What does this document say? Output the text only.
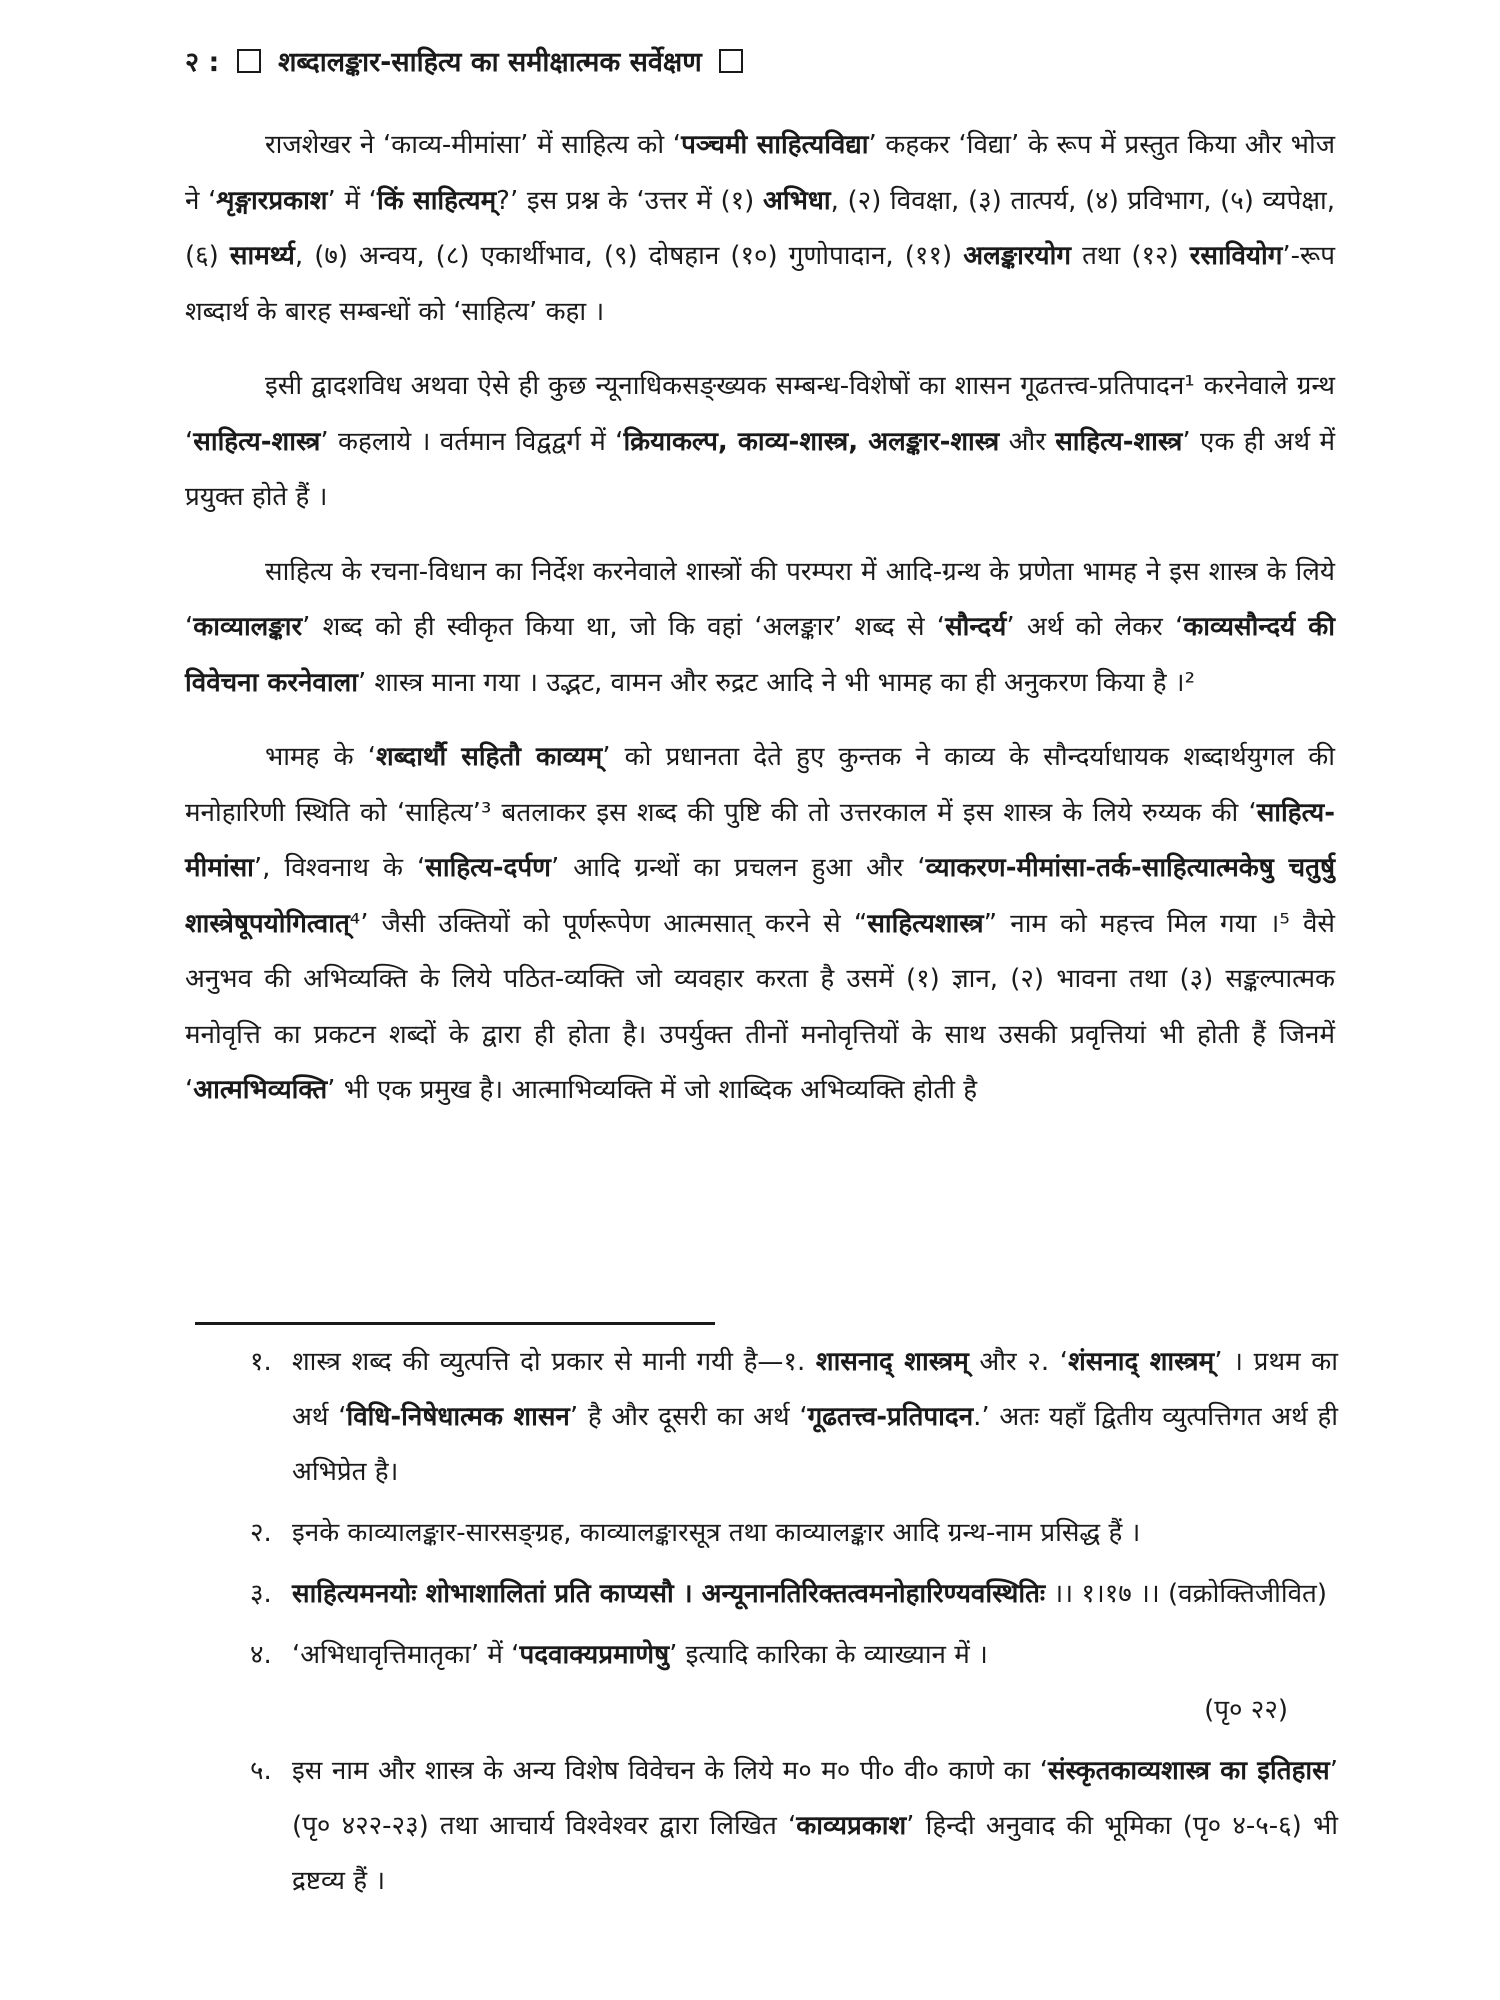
२ : शब्दालङ्कार-साहित्य का समीक्षात्मक सर्वेक्षण

राजशेखर ने ‘काव्य-मीमांसा’ में साहित्य को ‘पञ्चमी साहित्यविद्या’ कहकर ‘विद्या’ के रूप में प्रस्तुत किया और भोज ने ‘शृङ्गारप्रकाश’ में ‘किं साहित्यम्?’ इस प्रश्न के ‘उत्तर में (१) अभिधा, (२) विवक्षा, (३) तात्पर्य, (४) प्रविभाग, (५) व्यपेक्षा, (६) सामर्थ्य, (७) अन्वय, (८) एकार्थीभाव, (९) दोषहान (१०) गुणोपादान, (११) अलङ्कारयोग तथा (१२) रसावियोग’-रूप शब्दार्थ के बारह सम्बन्धों को ‘साहित्य’ कहा ।

इसी द्वादशविध अथवा ऐसे ही कुछ न्यूनाधिकसङ्ख्यक सम्बन्ध-विशेषों का शासन गूढतत्त्व-प्रतिपादन¹ करनेवाले ग्रन्थ ‘साहित्य-शास्त्र’ कहलाये । वर्तमान विद्वद्वर्ग में ‘क्रियाकल्प, काव्य-शास्त्र, अलङ्कार-शास्त्र और साहित्य-शास्त्र’ एक ही अर्थ में प्रयुक्त होते हैं ।

साहित्य के रचना-विधान का निर्देश करनेवाले शास्त्रों की परम्परा में आदि-ग्रन्थ के प्रणेता भामह ने इस शास्त्र के लिये ‘काव्यालङ्कार’ शब्द को ही स्वीकृत किया था, जो कि वहां ‘अलङ्कार’ शब्द से ‘सौन्दर्य’ अर्थ को लेकर ‘काव्यसौन्दर्य की विवेचना करनेवाला’ शास्त्र माना गया । उद्भट, वामन और रुद्रट आदि ने भी भामह का ही अनुकरण किया है ।²

भामह के ‘शब्दार्थौ सहितौ काव्यम्’ को प्रधानता देते हुए कुन्तक ने काव्य के सौन्दर्याधायक शब्दार्थयुगल की मनोहारिणी स्थिति को ‘साहित्य’³ बतलाकर इस शब्द की पुष्टि की तो उत्तरकाल में इस शास्त्र के लिये रुय्यक की ‘साहित्य-मीमांसा’, विश्वनाथ के ‘साहित्य-दर्पण’ आदि ग्रन्थों का प्रचलन हुआ और ‘व्याकरण-मीमांसा-तर्क-साहित्यात्मकेषु चतुर्षु शास्त्रेषूपयोगित्वात्⁴’ जैसी उक्तियों को पूर्णरूपेण आत्मसात् करने से “साहित्यशास्त्र” नाम को महत्त्व मिल गया ।⁵ वैसे अनुभव की अभिव्यक्ति के लिये पठित-व्यक्ति जो व्यवहार करता है उसमें (१) ज्ञान, (२) भावना तथा (३) सङ्कल्पात्मक मनोवृत्ति का प्रकटन शब्दों के द्वारा ही होता है। उपर्युक्त तीनों मनोवृत्तियों के साथ उसकी प्रवृत्तियां भी होती हैं जिनमें ‘आत्मभिव्यक्ति’ भी एक प्रमुख है। आत्माभिव्यक्ति में जो शाब्दिक अभिव्यक्ति होती है

१. शास्त्र शब्द की व्युत्पत्ति दो प्रकार से मानी गयी है—१. शासनाद् शास्त्रम् और २. ‘शंसनाद् शास्त्रम्’ । प्रथम का अर्थ ‘विधि-निषेधात्मक शासन’ है और दूसरी का अर्थ ‘गूढतत्त्व-प्रतिपादन.’ अतः यहाँ द्वितीय व्युत्पत्तिगत अर्थ ही अभिप्रेत है।
२. इनके काव्यालङ्कार-सारसङ्ग्रह, काव्यालङ्कारसूत्र तथा काव्यालङ्कार आदि ग्रन्थ-नाम प्रसिद्ध हैं ।
३. साहित्यमनयोः शोभाशालितां प्रति काप्यसौ । अन्यूनानतिरिक्तत्वमनोहारिण्यवस्थितिः ।। १।१७ ।। (वक्रोक्तिजीवित)
४. ‘अभिधावृत्तिमातृका’ में ‘पदवाक्यप्रमाणेषु’ इत्यादि कारिका के व्याख्यान में ।
(पृ० २२)
५. इस नाम और शास्त्र के अन्य विशेष विवेचन के लिये म० म० पी० वी० काणे का ‘संस्कृतकाव्यशास्त्र का इतिहास’ (पृ० ४२२-२३) तथा आचार्य विश्वेश्वर द्वारा लिखित ‘काव्यप्रकाश’ हिन्दी अनुवाद की भूमिका (पृ० ४-५-६) भी द्रष्टव्य हैं ।
